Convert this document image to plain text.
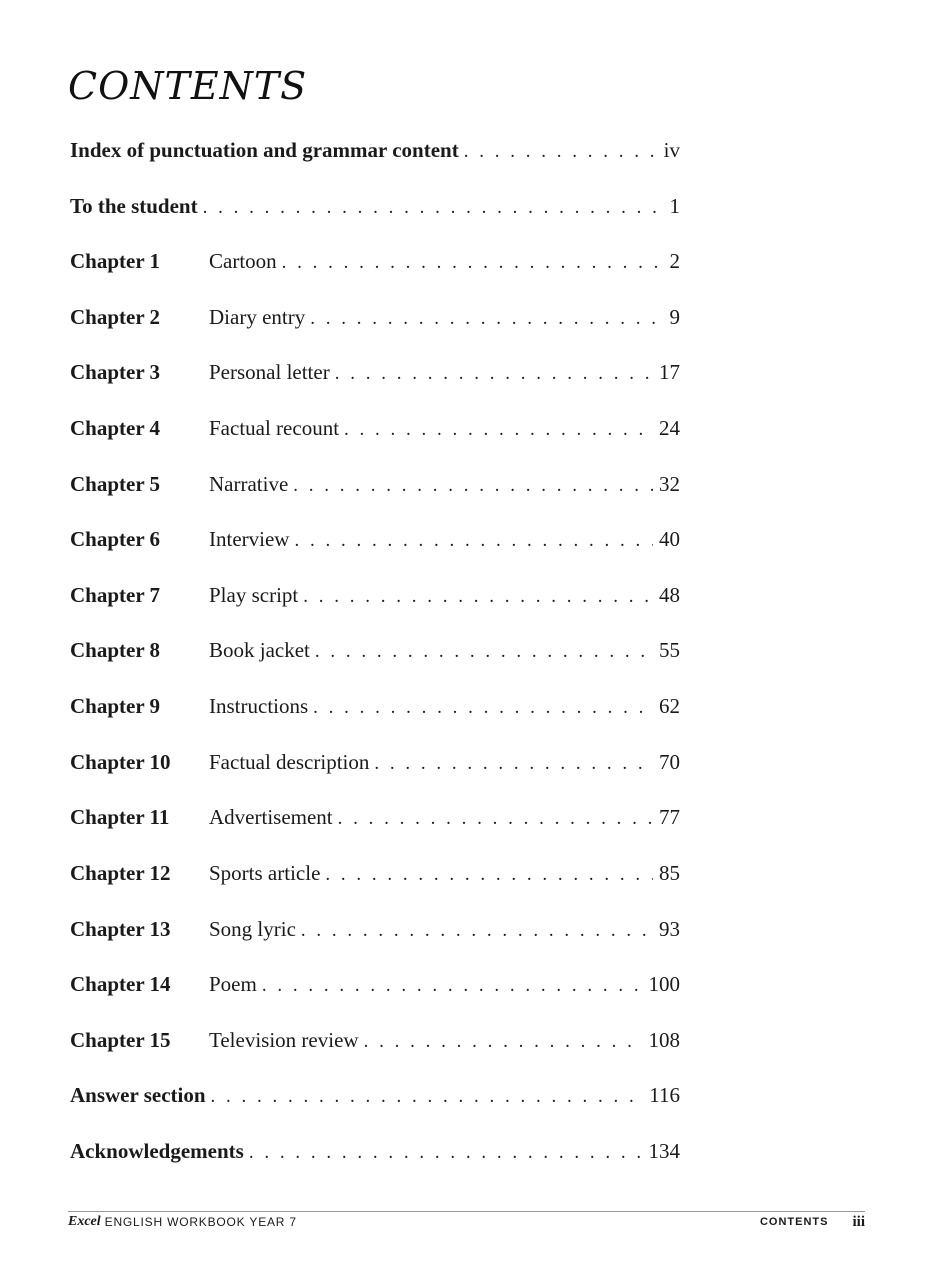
CONTENTS
Index of punctuation and grammar content . . .	iv
To the student . . .	1
Chapter 1	Cartoon . . .	2
Chapter 2	Diary entry . . .	9
Chapter 3	Personal letter . . .	17
Chapter 4	Factual recount . . .	24
Chapter 5	Narrative . . .	32
Chapter 6	Interview . . .	40
Chapter 7	Play script . . .	48
Chapter 8	Book jacket . . .	55
Chapter 9	Instructions . . .	62
Chapter 10	Factual description . . .	70
Chapter 11	Advertisement . . .	77
Chapter 12	Sports article . . .	85
Chapter 13	Song lyric . . .	93
Chapter 14	Poem . . .	100
Chapter 15	Television review . . .	108
Answer section . . .	116
Acknowledgements . . .	134
Excel ENGLISH WORKBOOK YEAR 7	CONTENTS iii
